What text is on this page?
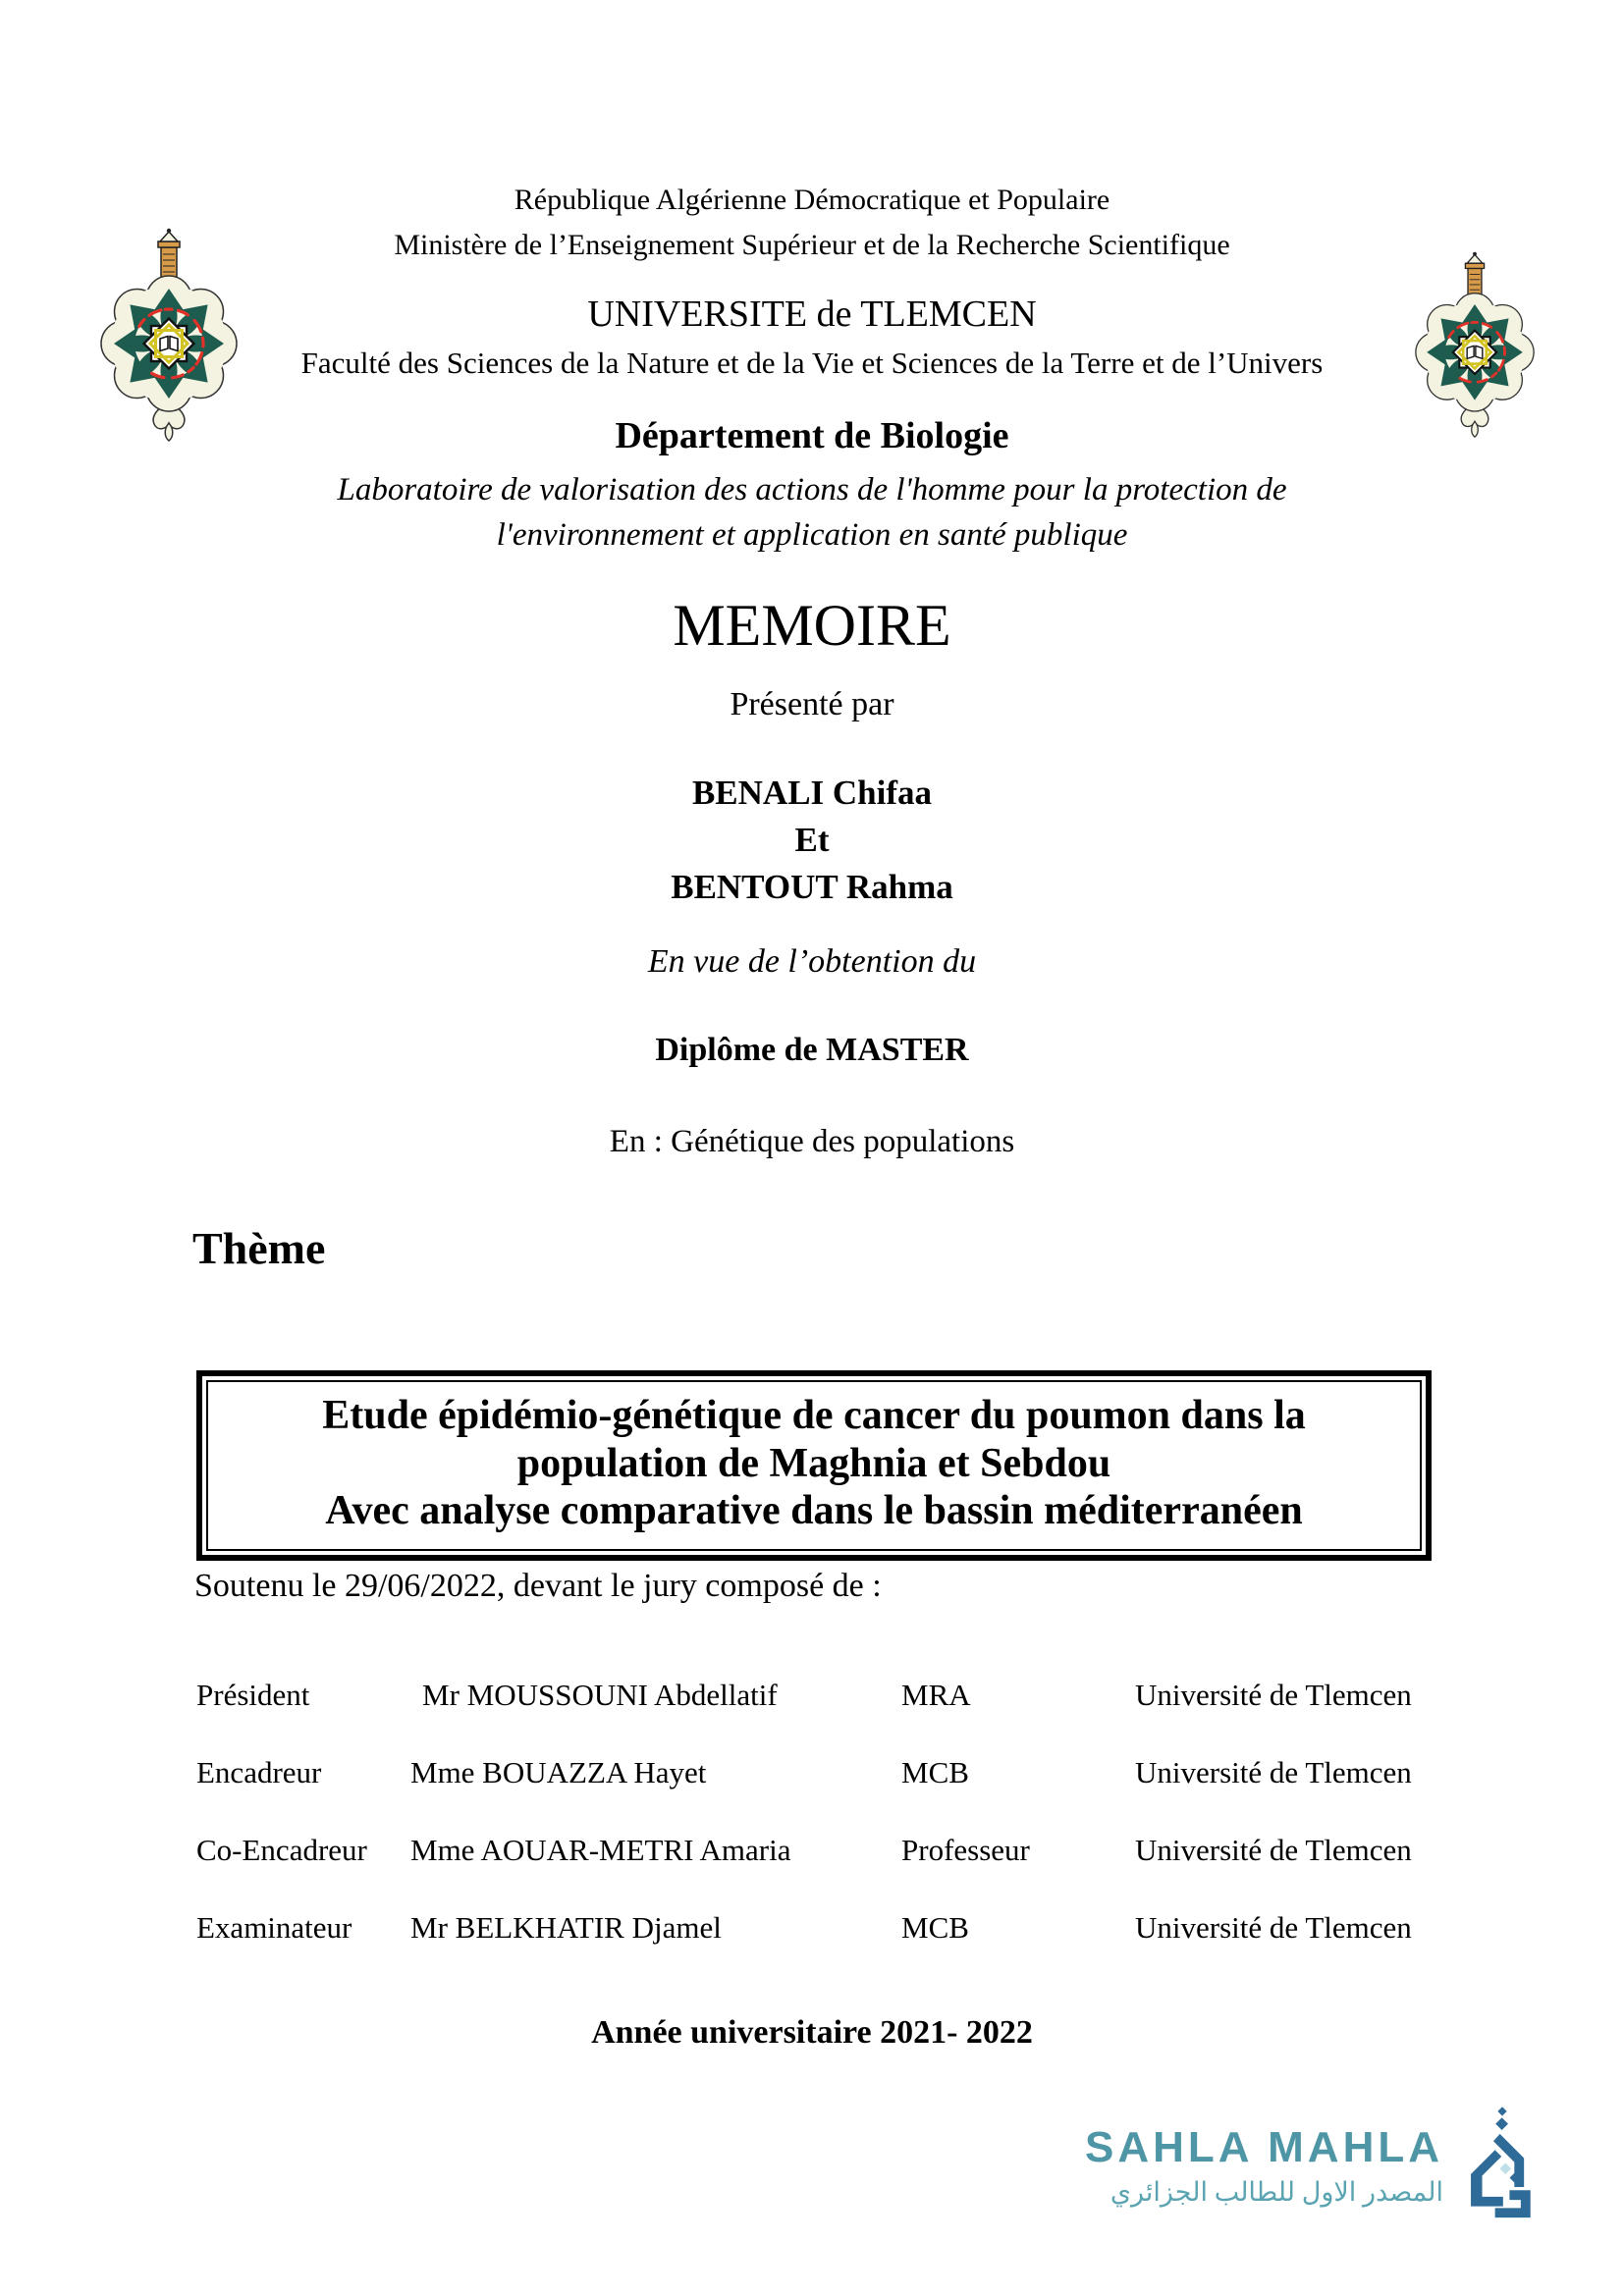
République Algérienne Démocratique et Populaire
Ministère de l’Enseignement Supérieur et de la Recherche Scientifique
UNIVERSITE de TLEMCEN
Faculté des Sciences de la Nature et de la Vie et Sciences de la Terre et de l’Univers
Département de Biologie
Laboratoire de valorisation des actions de l'homme pour la protection de
l'environnement et application en santé publique
MEMOIRE
Présenté par
BENALI Chifaa
Et
BENTOUT Rahma
En vue de l’obtention du
Diplôme de MASTER
En : Génétique des populations
Thème
Etude épidémio-génétique de cancer du poumon dans la
population de Maghnia et Sebdou
Avec analyse comparative dans le bassin méditerranéen
Soutenu le 29/06/2022, devant le jury composé de :
Président	Mr MOUSSOUNI Abdellatif	MRA	Université de Tlemcen
Encadreur	Mme BOUAZZA Hayet	MCB	Université de Tlemcen
Co-Encadreur	Mme AOUAR-METRI Amaria	Professeur	Université de Tlemcen
Examinateur	Mr BELKHATIR Djamel	MCB	Université de Tlemcen
Année universitaire 2021- 2022
SAHLA MAHLA
المصدر الاول للطالب الجزائري
